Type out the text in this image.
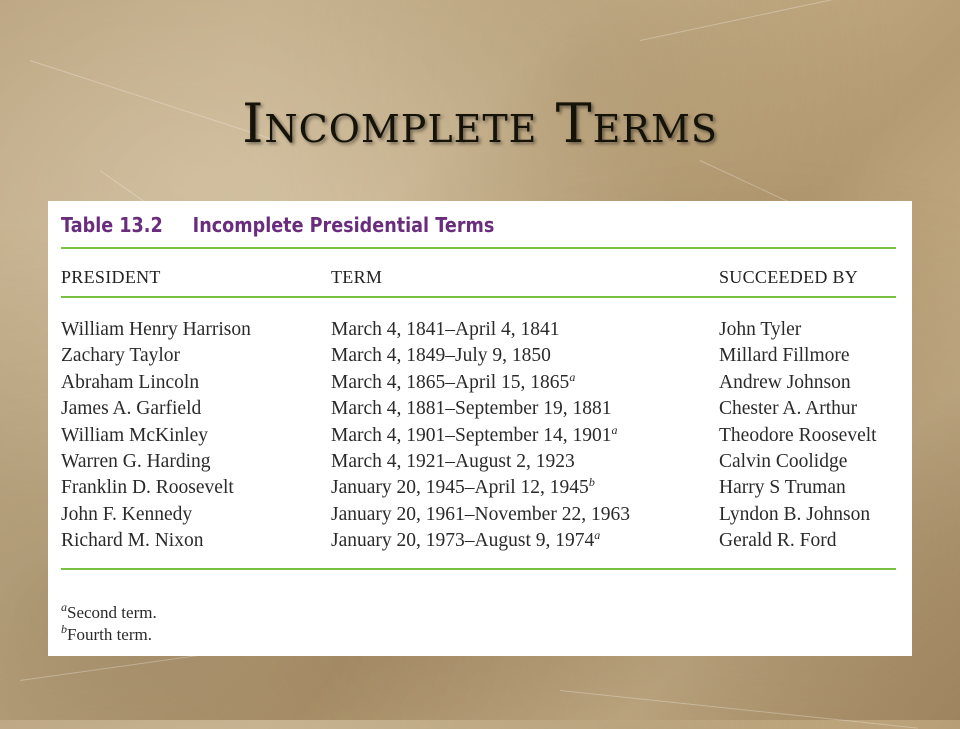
Incomplete Terms
Table 13.2 Incomplete Presidential Terms
PRESIDENT	TERM	SUCCEEDED BY
William Henry Harrison	March 4, 1841–April 4, 1841	John Tyler
Zachary Taylor	March 4, 1849–July 9, 1850	Millard Fillmore
Abraham Lincoln	March 4, 1865–April 15, 1865$^a$	Andrew Johnson
James A. Garfield	March 4, 1881–September 19, 1881	Chester A. Arthur
William McKinley	March 4, 1901–September 14, 1901$^a$	Theodore Roosevelt
Warren G. Harding	March 4, 1921–August 2, 1923	Calvin Coolidge
Franklin D. Roosevelt	January 20, 1945–April 12, 1945$^b$	Harry S Truman
John F. Kennedy	January 20, 1961–November 22, 1963	Lyndon B. Johnson
Richard M. Nixon	January 20, 1973–August 9, 1974$^a$	Gerald R. Ford
$^a$Second term.
$^b$Fourth term.
